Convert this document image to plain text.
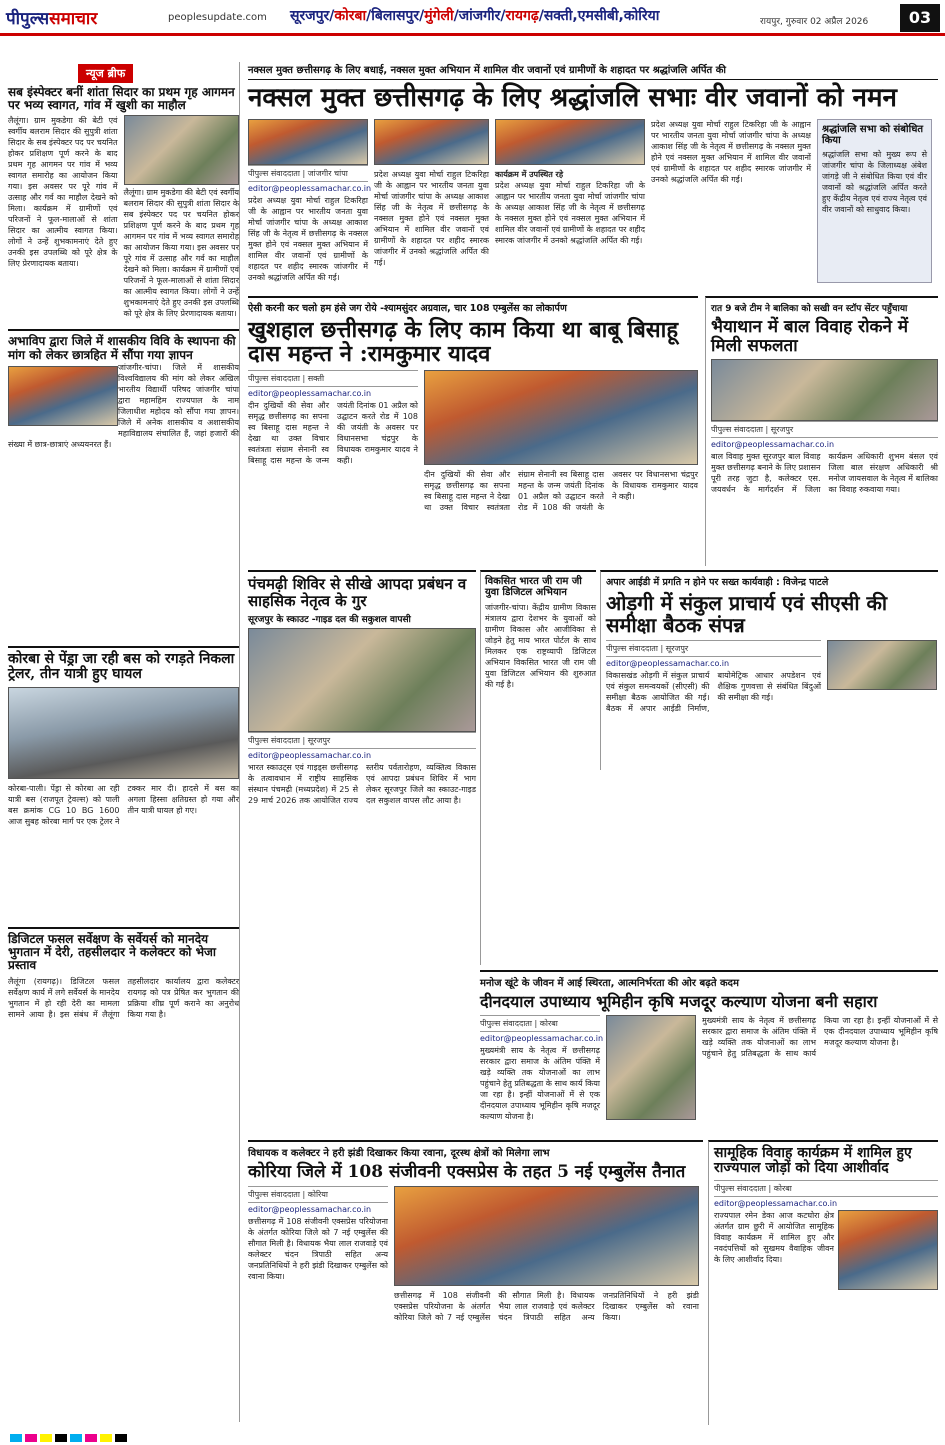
पीपुल्ससमाचार	peoplesupdate.com सूरजपुर/कोरबा/बिलासपुर/मुंगेली/जांजगीर/रायगढ़/सक्ती,एमसीबी,कोरिया	रायपुर, गुरुवार 02 अप्रैल 2026	03
न्यूज ब्रीफ
सब इंस्पेक्टर बनीं शांता सिदार का प्रथम गृह आगमन पर भव्य स्वागत, गांव में खुशी का माहौल
लैलूंगा। ग्राम मुकडेगा की बेटी एवं स्वर्गीय बलराम सिदार की सुपुत्री शांता सिदार के सब इंस्पेक्टर पद पर चयनित होकर प्रशिक्षण पूर्ण करने के बाद प्रथम गृह आगमन पर गांव में भव्य स्वागत समारोह का आयोजन किया गया। इस अवसर पर पूरे गांव में उत्साह और गर्व का माहौल देखने को मिला। कार्यक्रम में ग्रामीणों एवं परिजनों ने फूल-मालाओं से शांता सिदार का आत्मीय स्वागत किया। लोगों ने उन्हें शुभकामनाएं देते हुए उनकी इस उपलब्धि को पूरे क्षेत्र के लिए प्रेरणादायक बताया।
लैलूंगा। ग्राम मुकडेगा की बेटी एवं स्वर्गीय बलराम सिदार की सुपुत्री शांता सिदार के सब इंस्पेक्टर पद पर चयनित होकर प्रशिक्षण पूर्ण करने के बाद प्रथम गृह आगमन पर गांव में भव्य स्वागत समारोह का आयोजन किया गया। इस अवसर पर पूरे गांव में उत्साह और गर्व का माहौल देखने को मिला। कार्यक्रम में ग्रामीणों एवं परिजनों ने फूल-मालाओं से शांता सिदार का आत्मीय स्वागत किया। लोगों ने उन्हें शुभकामनाएं देते हुए उनकी इस उपलब्धि को पूरे क्षेत्र के लिए प्रेरणादायक बताया।
अभाविप द्वारा जिले में शासकीय विवि के स्थापना की मांग को लेकर छात्रहित में सौंपा गया ज्ञापन
जांजगीर-चांपा। जिले में शासकीय विश्वविद्यालय की मांग को लेकर अखिल भारतीय विद्यार्थी परिषद जांजगीर चांपा द्वारा महामहिम राज्यपाल के नाम जिलाधीश महोदय को सौंपा गया ज्ञापन। जिले में अनेक शासकीय व अशासकीय महाविद्यालय संचालित हैं, जहां हजारों की संख्या में छात्र-छात्राएं अध्ययनरत हैं।
कोरबा से पेंड्रा जा रही बस को रगड़ते निकला ट्रेलर, तीन यात्री हुए घायल
कोरबा-पाली। पेंड्रा से कोरबा आ रही यात्री बस (राजपूत ट्रेवल्स) को पाली बस क्रमांक CG 10 BG 1600 आज सुबह कोरबा मार्ग पर एक ट्रेलर ने टक्कर मार दी। हादसे में बस का अगला हिस्सा क्षतिग्रस्त हो गया और तीन यात्री घायल हो गए।
डिजिटल फसल सर्वेक्षण के सर्वेयर्स को मानदेय भुगतान में देरी, तहसीलदार ने कलेक्टर को भेजा प्रस्ताव
लैलूंगा (रायगढ़)। डिजिटल फसल सर्वेक्षण कार्य में लगे सर्वेयर्स के मानदेय भुगतान में हो रही देरी का मामला सामने आया है। इस संबंध में लैलूंगा तहसीलदार कार्यालय द्वारा कलेक्टर रायगढ़ को पत्र प्रेषित कर भुगतान की प्रक्रिया शीघ्र पूर्ण कराने का अनुरोध किया गया है।
नक्सल मुक्त छत्तीसगढ़ के लिए बधाई, नक्सल मुक्त अभियान में शामिल वीर जवानों एवं ग्रामीणों के शहादत पर श्रद्धांजलि अर्पित की
नक्सल मुक्त छत्तीसगढ़ के लिए श्रद्धांजलि सभाः वीर जवानों को नमन
पीपुल्स संवाददाता | जांजगीर चांपा
editor@peoplessamachar.co.in
प्रदेश अध्यक्ष युवा मोर्चा राहुल टिकरिहा जी के आह्वान पर भारतीय जनता युवा मोर्चा जांजगीर चांपा के अध्यक्ष आकाश सिंह जी के नेतृत्व में छत्तीसगढ़ के नक्सल मुक्त होने एवं नक्सल मुक्त अभियान में शामिल वीर जवानों एवं ग्रामीणों के शहादत पर शहीद स्मारक जांजगीर में उनको श्रद्धांजलि अर्पित की गई।
प्रदेश अध्यक्ष युवा मोर्चा राहुल टिकरिहा जी के आह्वान पर भारतीय जनता युवा मोर्चा जांजगीर चांपा के अध्यक्ष आकाश सिंह जी के नेतृत्व में छत्तीसगढ़ के नक्सल मुक्त होने एवं नक्सल मुक्त अभियान में शामिल वीर जवानों एवं ग्रामीणों के शहादत पर शहीद स्मारक जांजगीर में उनको श्रद्धांजलि अर्पित की गई।
कार्यक्रम में उपस्थित रहे
प्रदेश अध्यक्ष युवा मोर्चा राहुल टिकरिहा जी के आह्वान पर भारतीय जनता युवा मोर्चा जांजगीर चांपा के अध्यक्ष आकाश सिंह जी के नेतृत्व में छत्तीसगढ़ के नक्सल मुक्त होने एवं नक्सल मुक्त अभियान में शामिल वीर जवानों एवं ग्रामीणों के शहादत पर शहीद स्मारक जांजगीर में उनको श्रद्धांजलि अर्पित की गई।
प्रदेश अध्यक्ष युवा मोर्चा राहुल टिकरिहा जी के आह्वान पर भारतीय जनता युवा मोर्चा जांजगीर चांपा के अध्यक्ष आकाश सिंह जी के नेतृत्व में छत्तीसगढ़ के नक्सल मुक्त होने एवं नक्सल मुक्त अभियान में शामिल वीर जवानों एवं ग्रामीणों के शहादत पर शहीद स्मारक जांजगीर में उनको श्रद्धांजलि अर्पित की गई।
श्रद्धांजलि सभा को संबोधित किया
श्रद्धांजलि सभा को मुख्य रूप से जांजगीर चांपा के जिलाध्यक्ष अंबेश जांगड़े जी ने संबोधित किया एवं वीर जवानों को श्रद्धांजलि अर्पित करते हुए केंद्रीय नेतृत्व एवं राज्य नेतृत्व एवं वीर जवानों को साधुवाद किया।
ऐसी करनी कर चलो हम हंसे जग रोये -श्यामसुंदर अग्रवाल, चार 108 एम्बुलेंस का लोकार्पण
खुशहाल छत्तीसगढ़ के लिए काम किया था बाबू बिसाहू दास महन्त ने :रामकुमार यादव
पीपुल्स संवाददाता | सक्ती
editor@peoplessamachar.co.in
दीन दुखियों की सेवा और समृद्ध छत्तीसगढ़ का सपना स्व बिसाहू दास महन्त ने देखा था उक्त विचार स्वतंत्रता संग्राम सेनानी स्व बिसाहू दास महन्त के जन्म जयंती दिनांक 01 अप्रैल को उद्घाटन करते रोड में 108 की जयंती के अवसर पर विधानसभा चंद्रपुर के विधायक रामकुमार यादव ने कही।
दीन दुखियों की सेवा और समृद्ध छत्तीसगढ़ का सपना स्व बिसाहू दास महन्त ने देखा था उक्त विचार स्वतंत्रता संग्राम सेनानी स्व बिसाहू दास महन्त के जन्म जयंती दिनांक 01 अप्रैल को उद्घाटन करते रोड में 108 की जयंती के अवसर पर विधानसभा चंद्रपुर के विधायक रामकुमार यादव ने कही।
रात 9 बजे टीम ने बालिका को सखी वन स्टॉप सेंटर पहुँचाया
भैयाथान में बाल विवाह रोकने में मिली सफलता
पीपुल्स संवाददाता | सूरजपुर
editor@peoplessamachar.co.in
बाल विवाह मुक्त सूरजपुर बाल विवाह मुक्त छत्तीसगढ़ बनाने के लिए प्रशासन पूरी तरह जुटा है, कलेक्टर एस. जयवर्धन के मार्गदर्शन में जिला कार्यक्रम अधिकारी शुभम बंसल एवं जिला बाल संरक्षण अधिकारी श्री मनोज जायसवाल के नेतृत्व में बालिका का विवाह रुकवाया गया।
पंचमढ़ी शिविर से सीखे आपदा प्रबंधन व साहसिक नेतृत्व के गुर
सूरजपुर के स्काउट -गाइड दल की सकुशल वापसी
पीपुल्स संवाददाता | सूरजपुर
editor@peoplessamachar.co.in
भारत स्काउट्स एवं गाइड्स छत्तीसगढ़ के तत्वावधान में राष्ट्रीय साहसिक संस्थान पंचमढ़ी (मध्यप्रदेश) में 25 से 29 मार्च 2026 तक आयोजित राज्य स्तरीय पर्वतारोहण, व्यक्तित्व विकास एवं आपदा प्रबंधन शिविर में भाग लेकर सूरजपुर जिले का स्काउट-गाइड दल सकुशल वापस लौट आया है।
विकसित भारत जी राम जी युवा डिजिटल अभियान
जांजगीर-चांपा। केंद्रीय ग्रामीण विकास मंत्रालय द्वारा देशभर के युवाओं को ग्रामीण विकास और आजीविका से जोड़ने हेतु माय भारत पोर्टल के साथ मिलकर एक राष्ट्रव्यापी डिजिटल अभियान विकसित भारत जी राम जी युवा डिजिटल अभियान की शुरुआत की गई है।
अपार आईडी में प्रगति न होने पर सख्त कार्यवाही : विजेन्द्र पाटले
ओड़गी में संकुल प्राचार्य एवं सीएसी की समीक्षा बैठक संपन्न
पीपुल्स संवाददाता | सूरजपुर
editor@peoplessamachar.co.in
विकासखंड ओड़गी में संकुल प्राचार्य एवं संकुल समन्वयकों (सीएसी) की समीक्षा बैठक आयोजित की गई। बैठक में अपार आईडी निर्माण, बायोमेट्रिक आधार अपडेशन एवं शैक्षिक गुणवत्ता से संबंधित बिंदुओं की समीक्षा की गई।
मनोज खूंटे के जीवन में आई स्थिरता, आत्मनिर्भरता की ओर बढ़ते कदम
दीनदयाल उपाध्याय भूमिहीन कृषि मजदूर कल्याण योजना बनी सहारा
पीपुल्स संवाददाता | कोरबा
editor@peoplessamachar.co.in
मुख्यमंत्री साय के नेतृत्व में छत्तीसगढ़ सरकार द्वारा समाज के अंतिम पंक्ति में खड़े व्यक्ति तक योजनाओं का लाभ पहुंचाने हेतु प्रतिबद्धता के साथ कार्य किया जा रहा है। इन्हीं योजनाओं में से एक दीनदयाल उपाध्याय भूमिहीन कृषि मजदूर कल्याण योजना है।
मुख्यमंत्री साय के नेतृत्व में छत्तीसगढ़ सरकार द्वारा समाज के अंतिम पंक्ति में खड़े व्यक्ति तक योजनाओं का लाभ पहुंचाने हेतु प्रतिबद्धता के साथ कार्य किया जा रहा है। इन्हीं योजनाओं में से एक दीनदयाल उपाध्याय भूमिहीन कृषि मजदूर कल्याण योजना है।
विधायक व कलेक्टर ने हरी झंडी दिखाकर किया रवाना, दूरस्थ क्षेत्रों को मिलेगा लाभ
कोरिया जिले में 108 संजीवनी एक्सप्रेस के तहत 5 नई एम्बुलेंस तैनात
पीपुल्स संवाददाता | कोरिया
editor@peoplessamachar.co.in
छत्तीसगढ़ में 108 संजीवनी एक्सप्रेस परियोजना के अंतर्गत कोरिया जिले को 7 नई एम्बुलेंस की सौगात मिली है। विधायक भैया लाल राजवाड़े एवं कलेक्टर चंदन त्रिपाठी सहित अन्य जनप्रतिनिधियों ने हरी झंडी दिखाकर एम्बुलेंस को रवाना किया।
छत्तीसगढ़ में 108 संजीवनी एक्सप्रेस परियोजना के अंतर्गत कोरिया जिले को 7 नई एम्बुलेंस की सौगात मिली है। विधायक भैया लाल राजवाड़े एवं कलेक्टर चंदन त्रिपाठी सहित अन्य जनप्रतिनिधियों ने हरी झंडी दिखाकर एम्बुलेंस को रवाना किया।
सामूहिक विवाह कार्यक्रम में शामिल हुए राज्यपाल जोड़ों को दिया आशीर्वाद
पीपुल्स संवाददाता | कोरबा
editor@peoplessamachar.co.in
राज्यपाल रमेन डेका आज कटघोरा क्षेत्र अंतर्गत ग्राम छुरी में आयोजित सामूहिक विवाह कार्यक्रम में शामिल हुए और नवदंपत्तियों को सुखमय वैवाहिक जीवन के लिए आशीर्वाद दिया।
